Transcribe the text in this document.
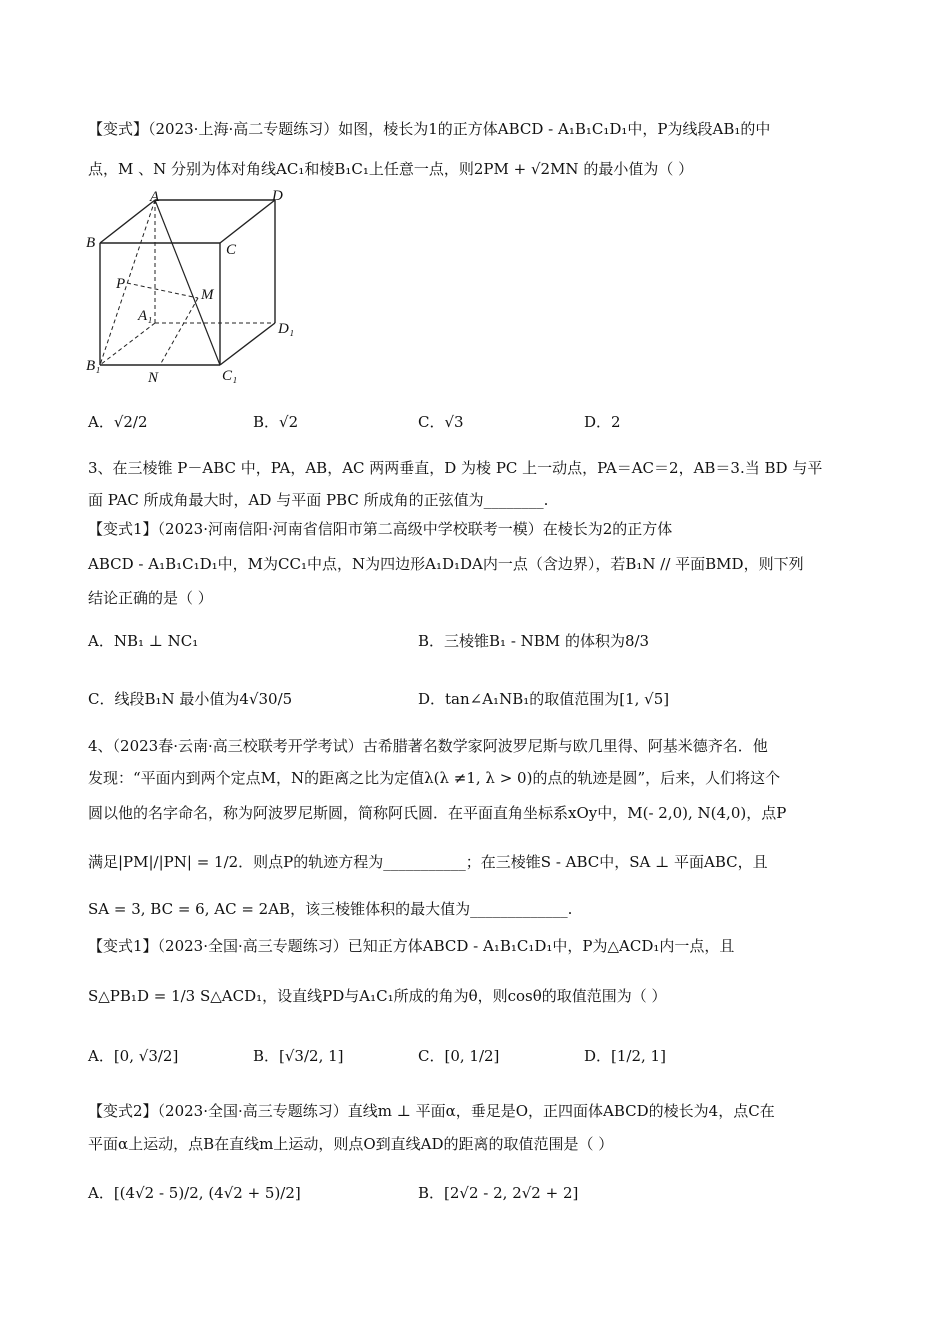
【变式】（2023·上海·高二专题练习）如图，棱长为1的正方体ABCD - A₁B₁C₁D₁中，P为线段AB₁的中
点，M 、N 分别为体对角线AC₁和棱B₁C₁上任意一点，则2PM + √2MN 的最小值为（ ）
A	D
B	C
P
M
A₁
D₁
B₁
N	C₁
A．√2/2	B．√2	C．√3	D．2
3、在三棱锥 P－ABC 中，PA，AB，AC 两两垂直，D 为棱 PC 上一动点，PA＝AC＝2，AB＝3.当 BD 与平
面 PAC 所成角最大时，AD 与平面 PBC 所成角的正弦值为________.
【变式1】（2023·河南信阳·河南省信阳市第二高级中学校联考一模）在棱长为2的正方体
ABCD - A₁B₁C₁D₁中，M为CC₁中点，N为四边形A₁D₁DA内一点（含边界），若B₁N // 平面BMD，则下列
结论正确的是（ ）
A．NB₁ ⊥ NC₁	B．三棱锥B₁ - NBM 的体积为8/3
C．线段B₁N 最小值为4√30/5	D．tan∠A₁NB₁的取值范围为[1, √5]
4、（2023春·云南·高三校联考开学考试）古希腊著名数学家阿波罗尼斯与欧几里得、阿基米德齐名．他
发现：“平面内到两个定点M，N的距离之比为定值λ(λ ≠1, λ > 0)的点的轨迹是圆”，后来，人们将这个
圆以他的名字命名，称为阿波罗尼斯圆，简称阿氏圆．在平面直角坐标系xOy中，M(- 2,0), N(4,0)，点P
满足|PM|/|PN| = 1/2．则点P的轨迹方程为___________；在三棱锥S - ABC中，SA ⊥ 平面ABC，且
SA = 3, BC = 6, AC = 2AB，该三棱锥体积的最大值为_____________.
【变式1】（2023·全国·高三专题练习）已知正方体ABCD - A₁B₁C₁D₁中，P为△ACD₁内一点，且
S△PB₁D = 1/3 S△ACD₁，设直线PD与A₁C₁所成的角为θ，则cosθ的取值范围为（ ）
A．[0, √3/2]	B．[√3/2, 1]	C．[0, 1/2]	D．[1/2, 1]
【变式2】（2023·全国·高三专题练习）直线m ⊥ 平面α，垂足是O，正四面体ABCD的棱长为4，点C在
平面α上运动，点B在直线m上运动，则点O到直线AD的距离的取值范围是（ ）
A．[(4√2 - 5)/2, (4√2 + 5)/2]	B．[2√2 - 2, 2√2 + 2]
